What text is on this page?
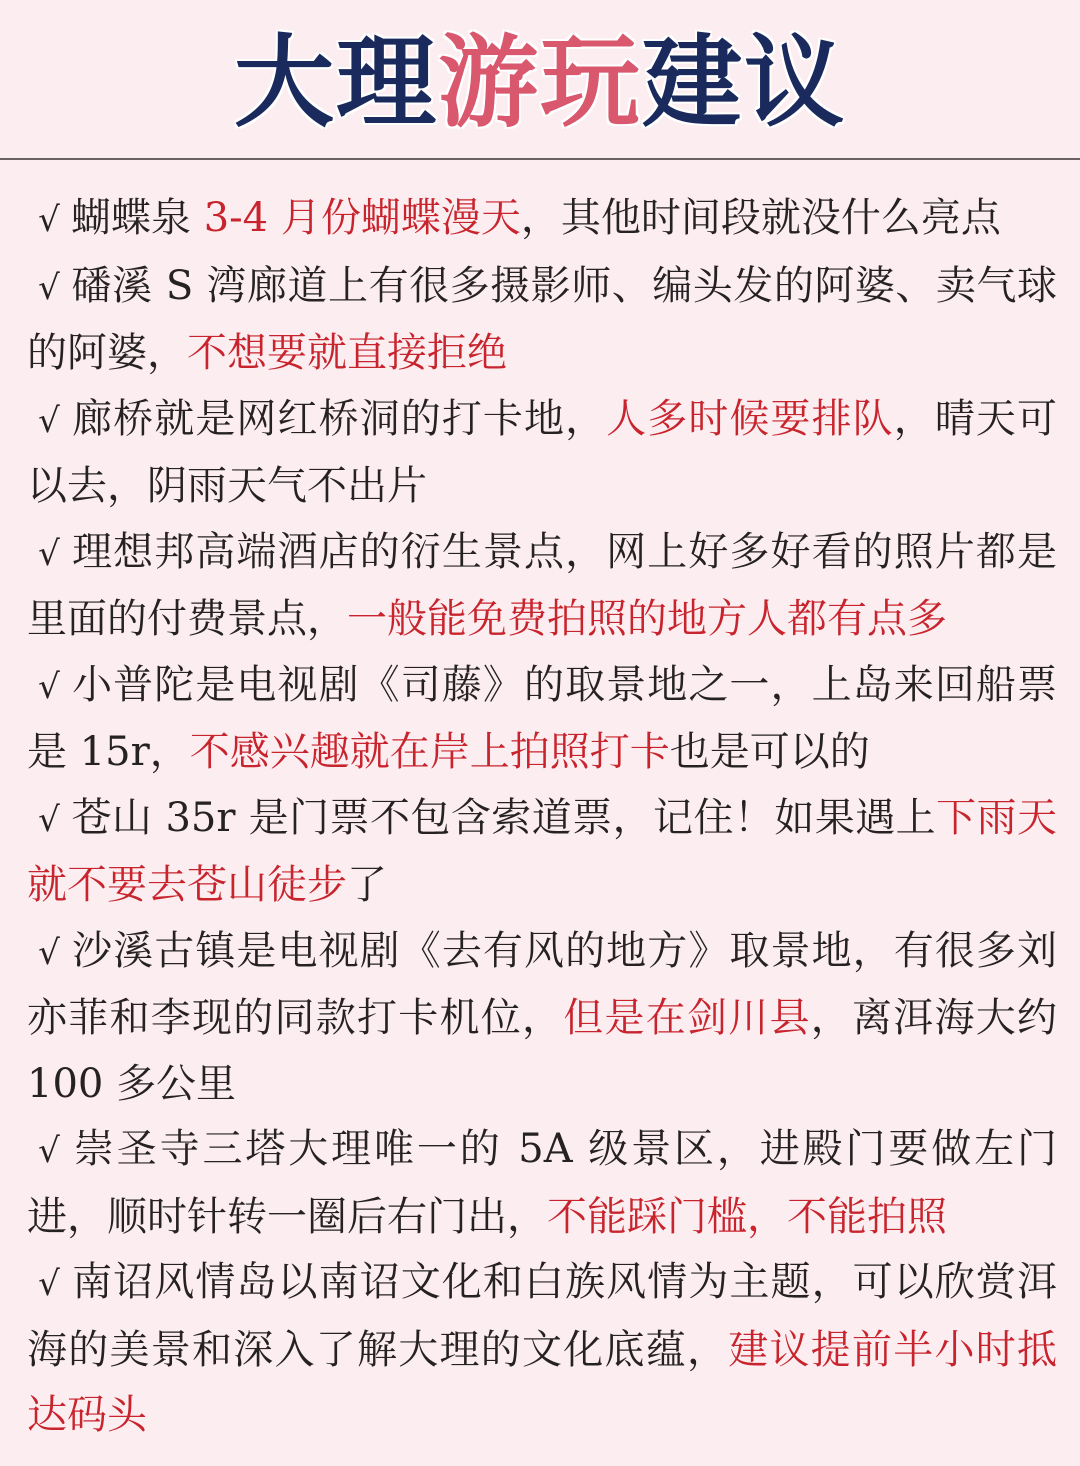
大理游玩建议

√ 蝴蝶泉 3-4 月份蝴蝶漫天，其他时间段就没什么亮点

√ 磻溪 S 湾廊道上有很多摄影师、编头发的阿婆、卖气球的阿婆，不想要就直接拒绝

√ 廊桥就是网红桥洞的打卡地，人多时候要排队，晴天可以去，阴雨天气不出片

√ 理想邦高端酒店的衍生景点，网上好多好看的照片都是里面的付费景点，一般能免费拍照的地方人都有点多

√ 小普陀是电视剧《司藤》的取景地之一，上岛来回船票是 15r，不感兴趣就在岸上拍照打卡也是可以的

√ 苍山 35r 是门票不包含索道票，记住！如果遇上下雨天就不要去苍山徒步了

√ 沙溪古镇是电视剧《去有风的地方》取景地，有很多刘亦菲和李现的同款打卡机位，但是在剑川县，离洱海大约 100 多公里

√ 崇圣寺三塔大理唯一的 5A 级景区，进殿门要做左门进，顺时针转一圈后右门出，不能踩门槛，不能拍照

√ 南诏风情岛以南诏文化和白族风情为主题，可以欣赏洱海的美景和深入了解大理的文化底蕴，建议提前半小时抵达码头
